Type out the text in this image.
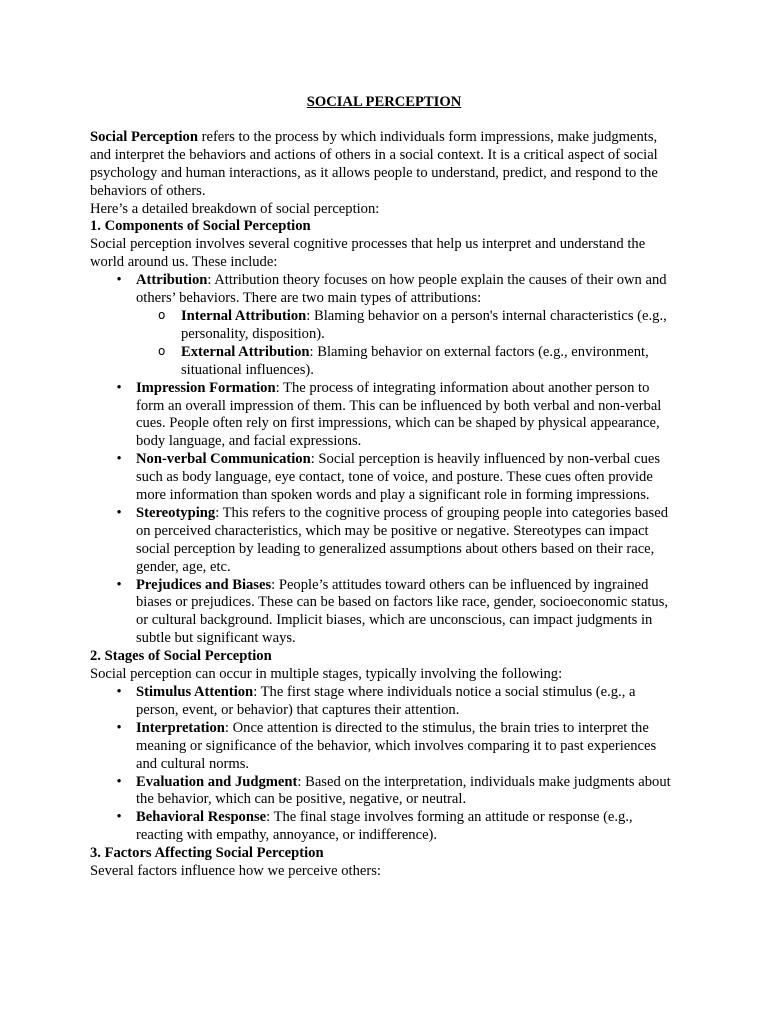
SOCIAL PERCEPTION

Social Perception refers to the process by which individuals form impressions, make judgments, and interpret the behaviors and actions of others in a social context. It is a critical aspect of social psychology and human interactions, as it allows people to understand, predict, and respond to the behaviors of others.

Here’s a detailed breakdown of social perception:

1. Components of Social Perception

Social perception involves several cognitive processes that help us interpret and understand the world around us. These include:

• Attribution: Attribution theory focuses on how people explain the causes of their own and others’ behaviors. There are two main types of attributions:
o Internal Attribution: Blaming behavior on a person's internal characteristics (e.g., personality, disposition).
o External Attribution: Blaming behavior on external factors (e.g., environment, situational influences).
• Impression Formation: The process of integrating information about another person to form an overall impression of them. This can be influenced by both verbal and non-verbal cues. People often rely on first impressions, which can be shaped by physical appearance, body language, and facial expressions.
• Non-verbal Communication: Social perception is heavily influenced by non-verbal cues such as body language, eye contact, tone of voice, and posture. These cues often provide more information than spoken words and play a significant role in forming impressions.
• Stereotyping: This refers to the cognitive process of grouping people into categories based on perceived characteristics, which may be positive or negative. Stereotypes can impact social perception by leading to generalized assumptions about others based on their race, gender, age, etc.
• Prejudices and Biases: People’s attitudes toward others can be influenced by ingrained biases or prejudices. These can be based on factors like race, gender, socioeconomic status, or cultural background. Implicit biases, which are unconscious, can impact judgments in subtle but significant ways.
2. Stages of Social Perception

Social perception can occur in multiple stages, typically involving the following:

• Stimulus Attention: The first stage where individuals notice a social stimulus (e.g., a person, event, or behavior) that captures their attention.
• Interpretation: Once attention is directed to the stimulus, the brain tries to interpret the meaning or significance of the behavior, which involves comparing it to past experiences and cultural norms.
• Evaluation and Judgment: Based on the interpretation, individuals make judgments about the behavior, which can be positive, negative, or neutral.
• Behavioral Response: The final stage involves forming an attitude or response (e.g., reacting with empathy, annoyance, or indifference).
3. Factors Affecting Social Perception

Several factors influence how we perceive others:
